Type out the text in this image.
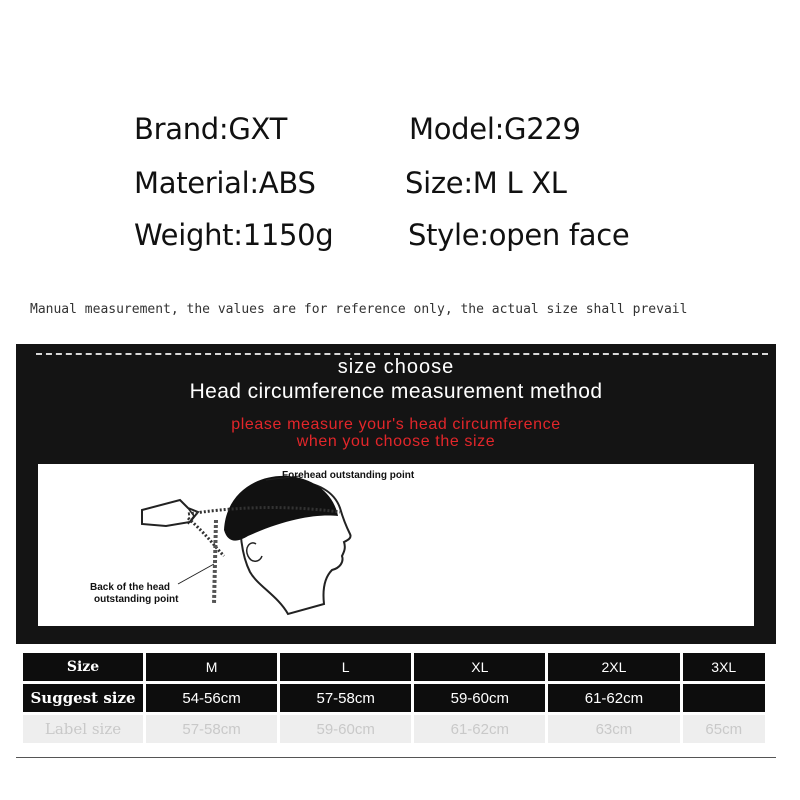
Brand:GXT	Model:G229
Material:ABS	Size:M L XL
Weight:1150g	Style:open face
Manual measurement, the values are for reference only, the actual size shall prevail
size choose
Head circumference measurement method
please measure your's head circumference
when you choose the size
Forehead outstanding point
Back of the head
outstanding point
Size	M	L	XL	2XL	3XL
Suggest size	54-56cm	57-58cm	59-60cm	61-62cm	
Label size	57-58cm	59-60cm	61-62cm	63cm	65cm
